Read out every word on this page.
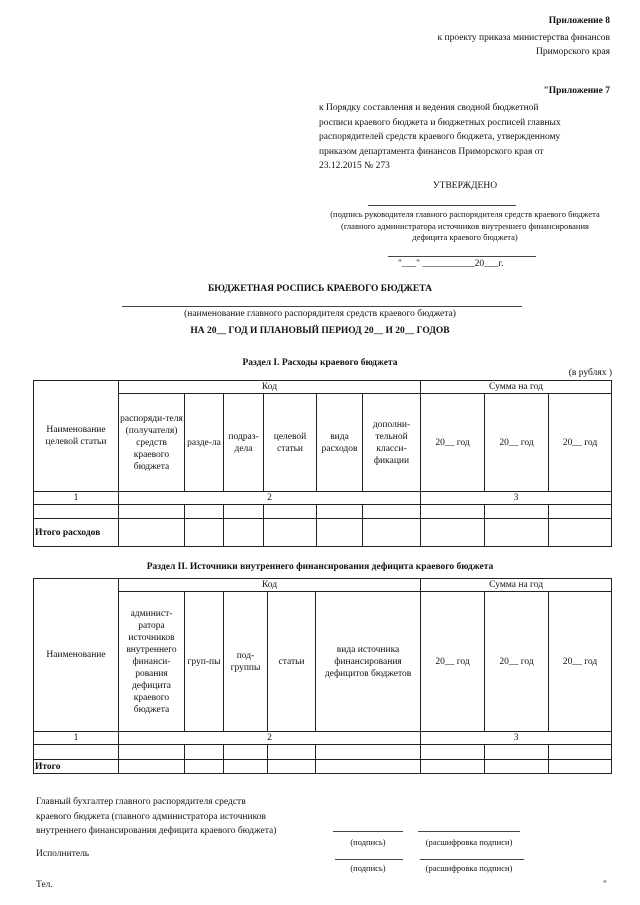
Приложение 8
к проекту приказа министерства финансов
Приморского края
"Приложение 7
к Порядку составления и ведения сводной бюджетной
росписи краевого бюджета и бюджетных росписей главных
распорядителей средств краевого бюджета, утвержденному
приказом департамента финансов Приморского края от
23.12.2015 № 273
УТВЕРЖДЕНО
(подпись руководителя главного распорядителя средств краевого бюджета
(главного администратора источников внутреннего финансирования
дефицита краевого бюджета)
"___" ___________20___г.
БЮДЖЕТНАЯ РОСПИСЬ КРАЕВОГО БЮДЖЕТА
(наименование главного распорядителя средств краевого бюджета)
НА 20__ ГОД И ПЛАНОВЫЙ ПЕРИОД 20__ И 20__ ГОДОВ
Раздел I. Расходы краевого бюджета
(в рублях )
Наименование целевой статьи	Код						Сумма на год		
	распоряди-теля (получателя) средств краевого бюджета	разде-ла	подраз-дела	целевой статьи	вида расходов	дополни-тельной класси-фикации	20__ год	20__ год	20__ год
1	2						3		

Итого расходов									
Раздел II. Источники внутреннего финансирования дефицита краевого бюджета
Наименование	Код					Сумма на год		
	админист-ратора источников внутреннего финанси-рования дефицита краевого бюджета	груп-пы	под-группы	статьи	вида источника финансирования дефицитов бюджетов	20__ год	20__ год	20__ год
1	2					3		

Итого								
Главный бухгалтер главного распорядителя средств
краевого бюджета (главного администратора источников
внутреннего финансирования дефицита краевого бюджета)
(подпись)	(расшифровка подписи)
Исполнитель
(подпись)	(расшифровка подписи)
Тел.	"
